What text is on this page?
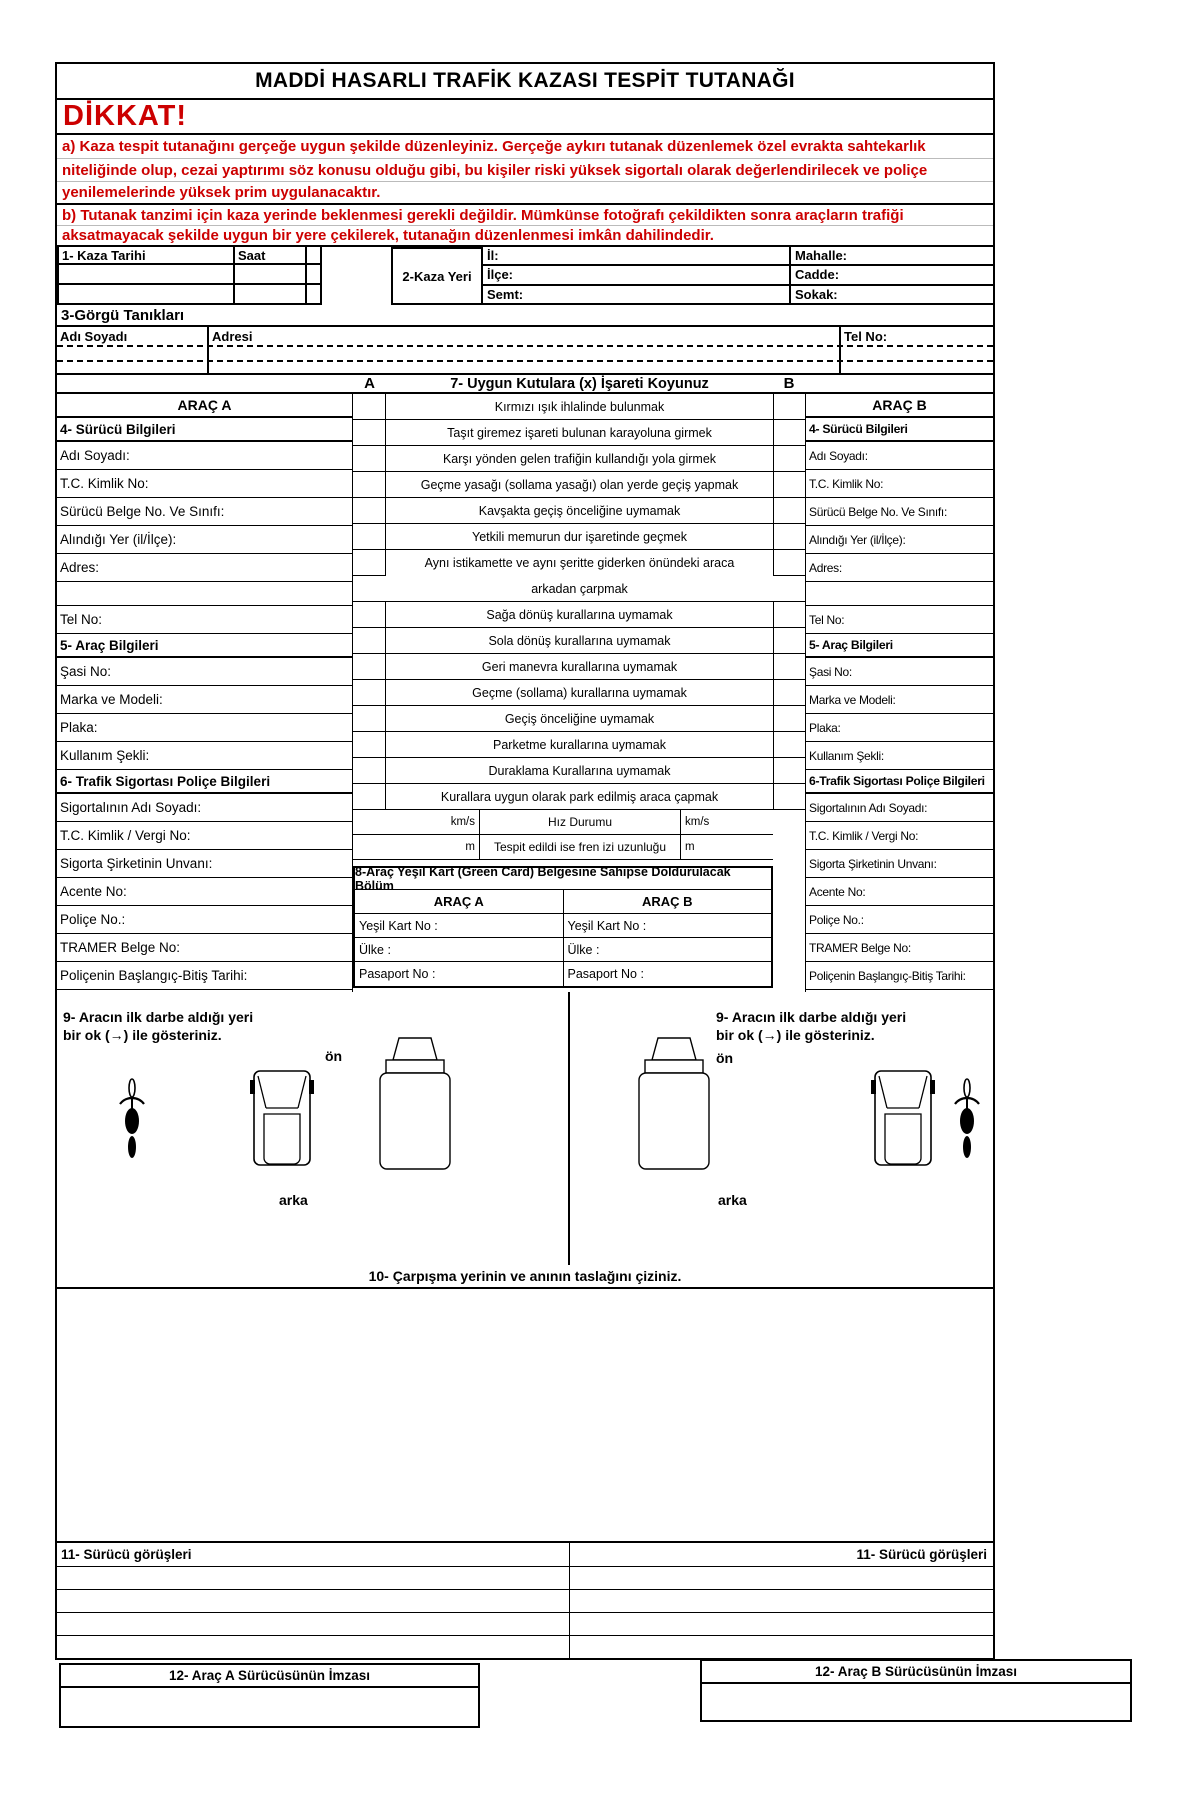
MADDİ HASARLI TRAFİK KAZASI TESPİT TUTANAĞI
DİKKAT!
a) Kaza tespit tutanağını gerçeğe uygun şekilde düzenleyiniz. Gerçeğe aykırı tutanak düzenlemek özel evrakta sahtekarlık
niteliğinde olup, cezai yaptırımı söz konusu olduğu gibi, bu kişiler riski yüksek sigortalı olarak değerlendirilecek ve poliçe
yenilemelerinde yüksek prim uygulanacaktır.
b) Tutanak tanzimi için kaza yerinde beklenmesi gerekli değildir. Mümkünse fotoğrafı çekildikten sonra araçların trafiği
aksatmayacak şekilde uygun bir yere çekilerek, tutanağın düzenlenmesi imkân dahilindedir.
1- Kaza Tarihi	Saat
2-Kaza Yeri
İl:	Mahalle:
İlçe:	Cadde:
Semt:	Sokak:
3-Görgü Tanıkları
Adı Soyadı	Adresi	Tel No:
A	7- Uygun Kutulara (x) İşareti Koyunuz	B
ARAÇ A
4- Sürücü Bilgileri
Adı Soyadı:
T.C. Kimlik No:
Sürücü Belge No. Ve Sınıfı:
Alındığı Yer (il/İlçe):
Adres:
Tel No:
5- Araç Bilgileri
Şasi No:
Marka ve Modeli:
Plaka:
Kullanım Şekli:
6- Trafik Sigortası Poliçe Bilgileri
Sigortalının Adı Soyadı:
T.C. Kimlik / Vergi No:
Sigorta Şirketinin Unvanı:
Acente No:
Poliçe No.:
TRAMER Belge No:
Poliçenin Başlangıç-Bitiş Tarihi:
Kırmızı ışık ihlalinde bulunmak
Taşıt giremez işareti bulunan karayoluna girmek
Karşı yönden gelen trafiğin kullandığı yola girmek
Geçme yasağı (sollama yasağı) olan yerde geçiş yapmak
Kavşakta geçiş önceliğine uymamak
Yetkili memurun dur işaretinde geçmek
Aynı istikamette ve aynı şeritte giderken önündeki araca
arkadan çarpmak
Sağa dönüş kurallarına uymamak
Sola dönüş kurallarına uymamak
Geri manevra kurallarına uymamak
Geçme (sollama) kurallarına uymamak
Geçiş önceliğine uymamak
Parketme kurallarına uymamak
Duraklama Kurallarına uymamak
Kurallara uygun olarak park edilmiş araca çapmak
km/s	Hız Durumu	km/s
m	Tespit edildi ise fren izi uzunluğu	m
8-Araç Yeşil Kart (Green Card) Belgesine Sahipse Doldurulacak Bölüm
ARAÇ A	ARAÇ B
Yeşil Kart No :	Yeşil Kart No :
Ülke :	Ülke :
Pasaport No :	Pasaport No :
ARAÇ B
4- Sürücü Bilgileri
Adı Soyadı:
T.C. Kimlik No:
Sürücü Belge No. Ve Sınıfı:
Alındığı Yer (il/İlçe):
Adres:
Tel No:
5- Araç Bilgileri
Şasi No:
Marka ve Modeli:
Plaka:
Kullanım Şekli:
6-Trafik Sigortası Poliçe Bilgileri
Sigortalının Adı Soyadı:
T.C. Kimlik / Vergi No:
Sigorta Şirketinin Unvanı:
Acente No:
Poliçe No.:
TRAMER Belge No:
Poliçenin Başlangıç-Bitiş Tarihi:
9- Aracın ilk darbe aldığı yeri
bir ok (→) ile gösteriniz.
ön
arka
9- Aracın ilk darbe aldığı yeri
bir ok (→) ile gösteriniz.
ön
arka
10- Çarpışma yerinin ve anının taslağını çiziniz.
11- Sürücü görüşleri	11- Sürücü görüşleri
12- Araç A Sürücüsünün İmzası	12- Araç B Sürücüsünün İmzası
